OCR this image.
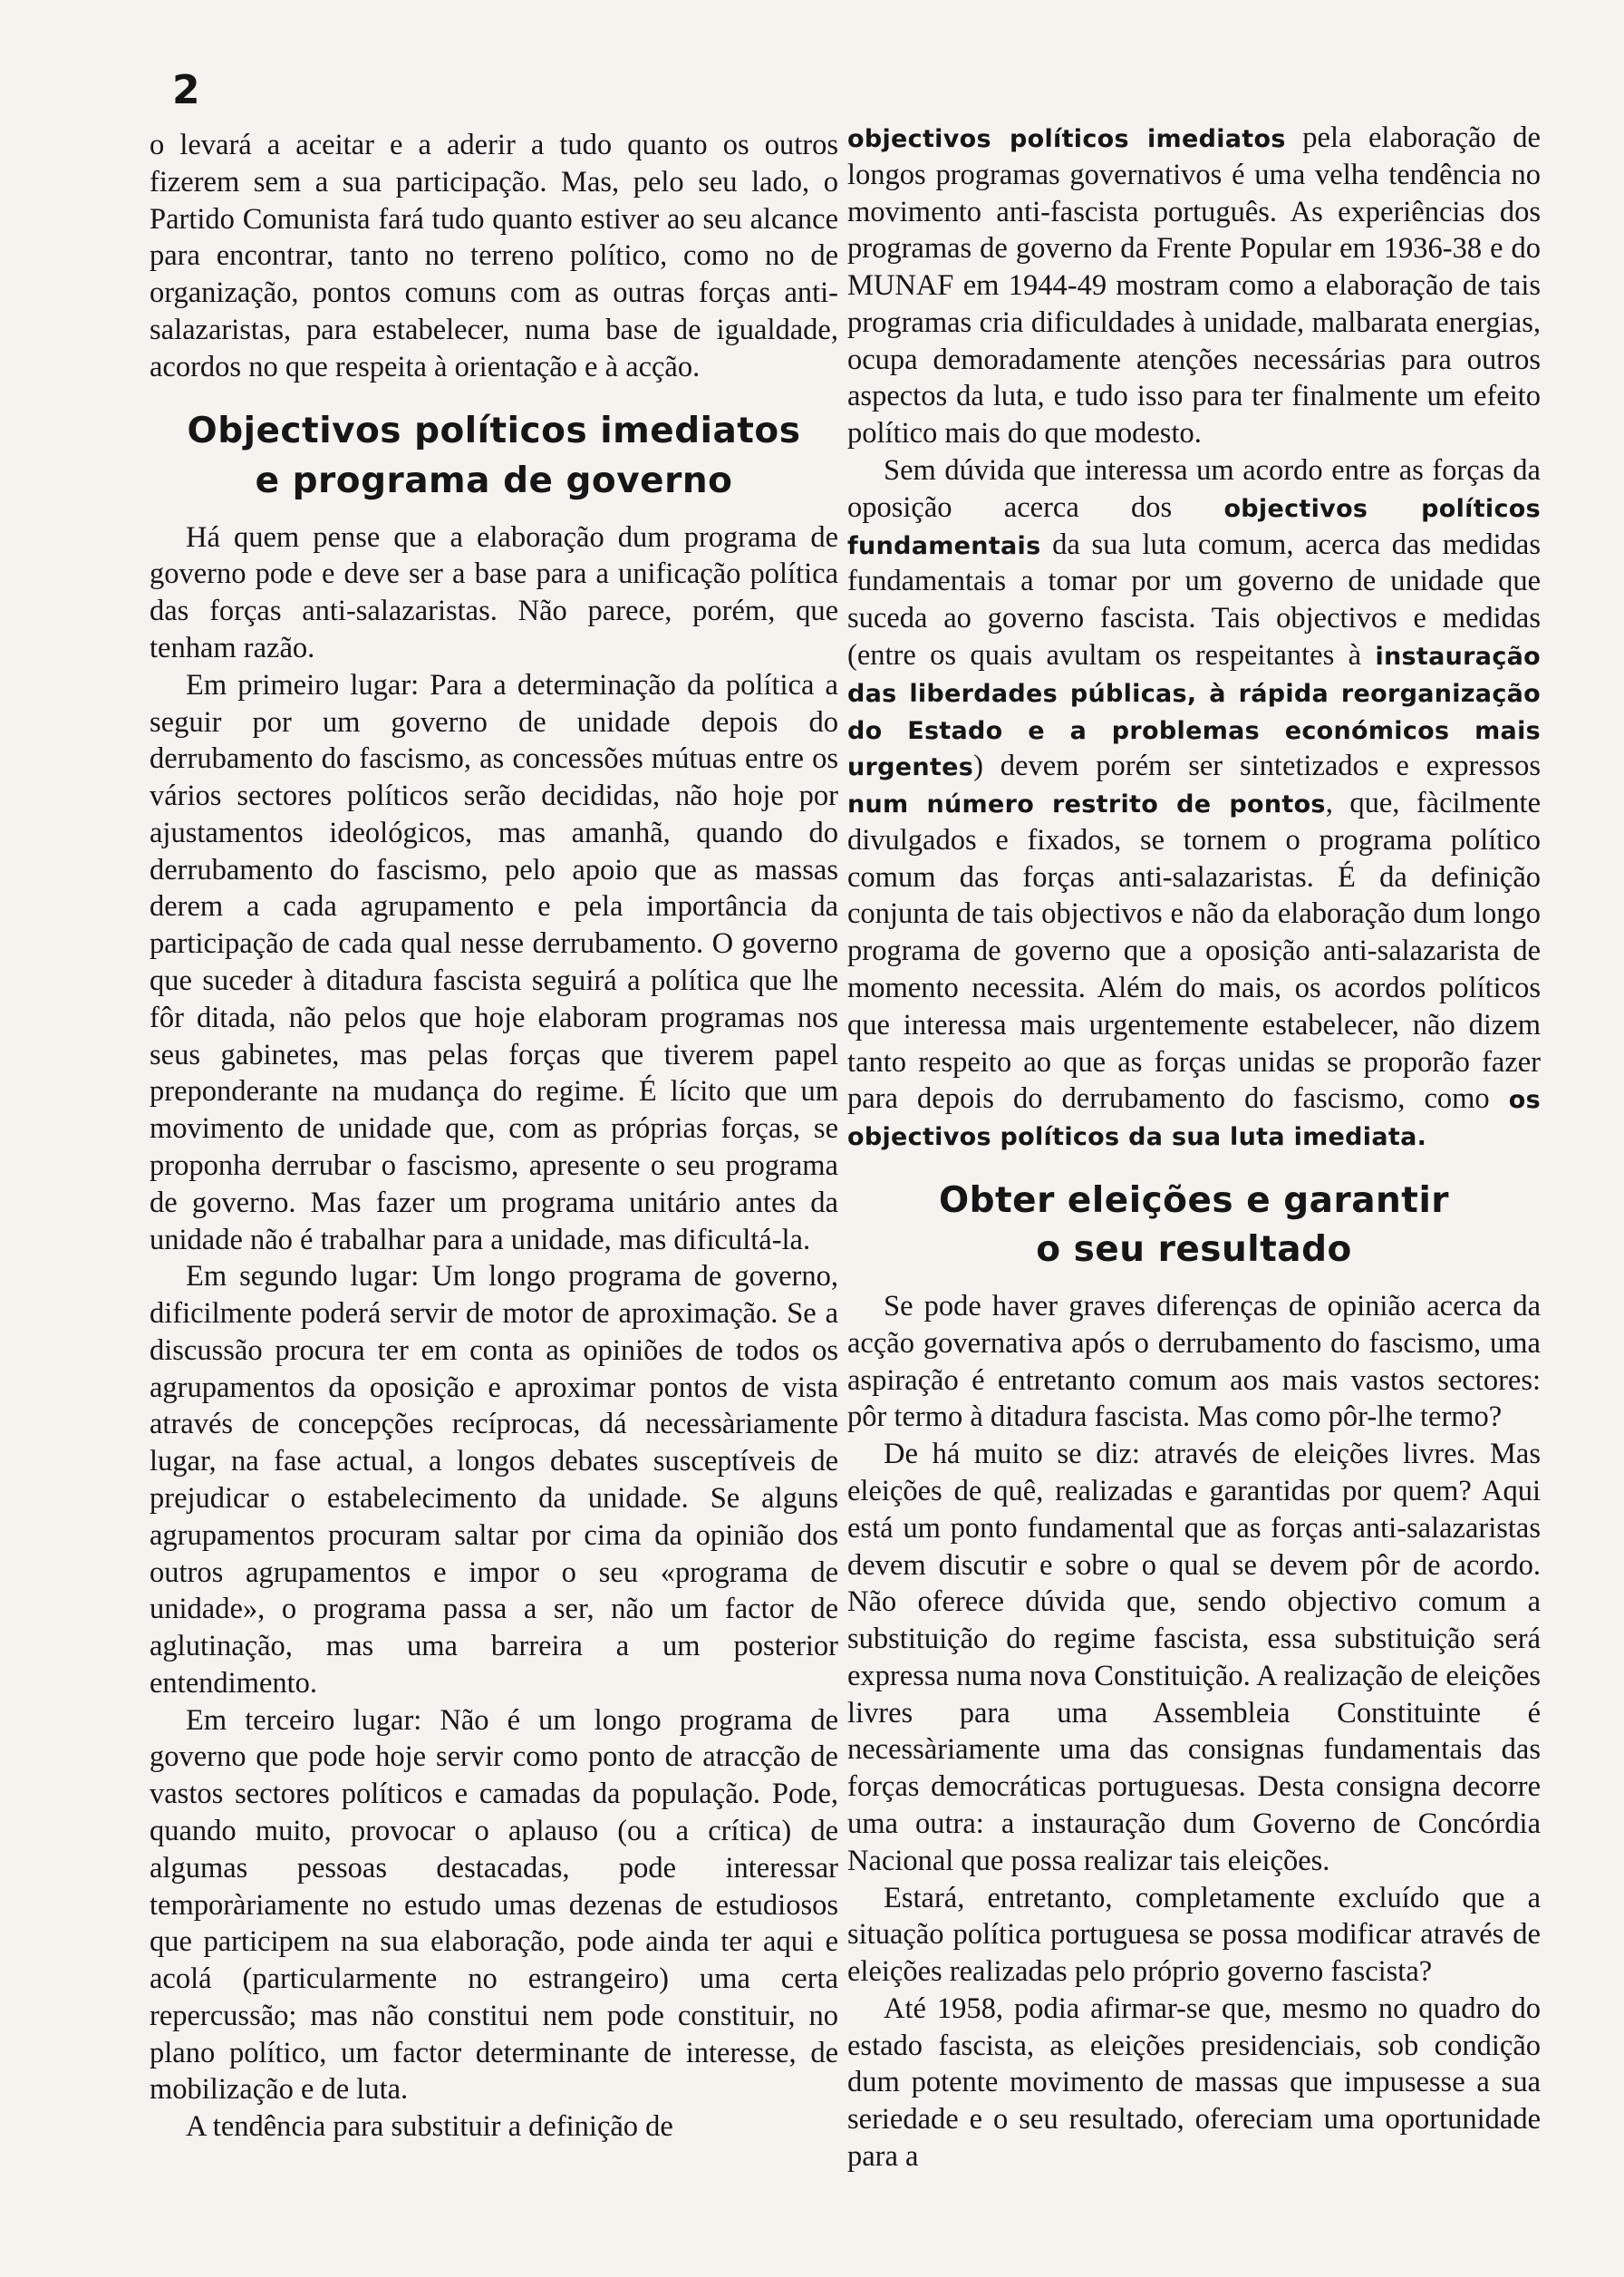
2

o levará a aceitar e a aderir a tudo quanto os outros fizerem sem a sua participação. Mas, pelo seu lado, o Partido Comunista fará tudo quanto estiver ao seu alcance para encontrar, tanto no terreno político, como no de organização, pontos comuns com as outras forças anti-salazaristas, para estabelecer, numa base de igualdade, acordos no que respeita à orientação e à acção.

Objectivos políticos imediatos
e programa de governo

Há quem pense que a elaboração dum programa de governo pode e deve ser a base para a unificação política das forças anti-salazaristas. Não parece, porém, que tenham razão.

Em primeiro lugar: Para a determinação da política a seguir por um governo de unidade depois do derrubamento do fascismo, as concessões mútuas entre os vários sectores políticos serão decididas, não hoje por ajustamentos ideológicos, mas amanhã, quando do derrubamento do fascismo, pelo apoio que as massas derem a cada agrupamento e pela importância da participação de cada qual nesse derrubamento. O governo que suceder à ditadura fascista seguirá a política que lhe fôr ditada, não pelos que hoje elaboram programas nos seus gabinetes, mas pelas forças que tiverem papel preponderante na mudança do regime. É lícito que um movimento de unidade que, com as próprias forças, se proponha derrubar o fascismo, apresente o seu programa de governo. Mas fazer um programa unitário antes da unidade não é trabalhar para a unidade, mas dificultá-la.

Em segundo lugar: Um longo programa de governo, dificilmente poderá servir de motor de aproximação. Se a discussão procura ter em conta as opiniões de todos os agrupamentos da oposição e aproximar pontos de vista através de concepções recíprocas, dá necessàriamente lugar, na fase actual, a longos debates susceptíveis de prejudicar o estabelecimento da unidade. Se alguns agrupamentos procuram saltar por cima da opinião dos outros agrupamentos e impor o seu «programa de unidade», o programa passa a ser, não um factor de aglutinação, mas uma barreira a um posterior entendimento.

Em terceiro lugar: Não é um longo programa de governo que pode hoje servir como ponto de atracção de vastos sectores políticos e camadas da população. Pode, quando muito, provocar o aplauso (ou a crítica) de algumas pessoas destacadas, pode interessar temporàriamente no estudo umas dezenas de estudiosos que participem na sua elaboração, pode ainda ter aqui e acolá (particularmente no estrangeiro) uma certa repercussão; mas não constitui nem pode constituir, no plano político, um factor determinante de interesse, de mobilização e de luta.

A tendência para substituir a definição de

objectivos políticos imediatos pela elaboração de longos programas governativos é uma velha tendência no movimento anti-fascista português. As experiências dos programas de governo da Frente Popular em 1936-38 e do MUNAF em 1944-49 mostram como a elaboração de tais programas cria dificuldades à unidade, malbarata energias, ocupa demoradamente atenções necessárias para outros aspectos da luta, e tudo isso para ter finalmente um efeito político mais do que modesto.

Sem dúvida que interessa um acordo entre as forças da oposição acerca dos objectivos políticos fundamentais da sua luta comum, acerca das medidas fundamentais a tomar por um governo de unidade que suceda ao governo fascista. Tais objectivos e medidas (entre os quais avultam os respeitantes à instauração das liberdades públicas, à rápida reorganização do Estado e a problemas económicos mais urgentes) devem porém ser sintetizados e expressos num número restrito de pontos, que, fàcilmente divulgados e fixados, se tornem o programa político comum das forças anti-salazaristas. É da definição conjunta de tais objectivos e não da elaboração dum longo programa de governo que a oposição anti-salazarista de momento necessita. Além do mais, os acordos políticos que interessa mais urgentemente estabelecer, não dizem tanto respeito ao que as forças unidas se proporão fazer para depois do derrubamento do fascismo, como os objectivos políticos da sua luta imediata.

Obter eleições e garantir
o seu resultado

Se pode haver graves diferenças de opinião acerca da acção governativa após o derrubamento do fascismo, uma aspiração é entretanto comum aos mais vastos sectores: pôr termo à ditadura fascista. Mas como pôr-lhe termo?

De há muito se diz: através de eleições livres. Mas eleições de quê, realizadas e garantidas por quem? Aqui está um ponto fundamental que as forças anti-salazaristas devem discutir e sobre o qual se devem pôr de acordo. Não oferece dúvida que, sendo objectivo comum a substituição do regime fascista, essa substituição será expressa numa nova Constituição. A realização de eleições livres para uma Assembleia Constituinte é necessàriamente uma das consignas fundamentais das forças democráticas portuguesas. Desta consigna decorre uma outra: a instauração dum Governo de Concórdia Nacional que possa realizar tais eleições.

Estará, entretanto, completamente excluído que a situação política portuguesa se possa modificar através de eleições realizadas pelo próprio governo fascista?

Até 1958, podia afirmar-se que, mesmo no quadro do estado fascista, as eleições presidenciais, sob condição dum potente movimento de massas que impusesse a sua seriedade e o seu resultado, ofereciam uma oportunidade para a
